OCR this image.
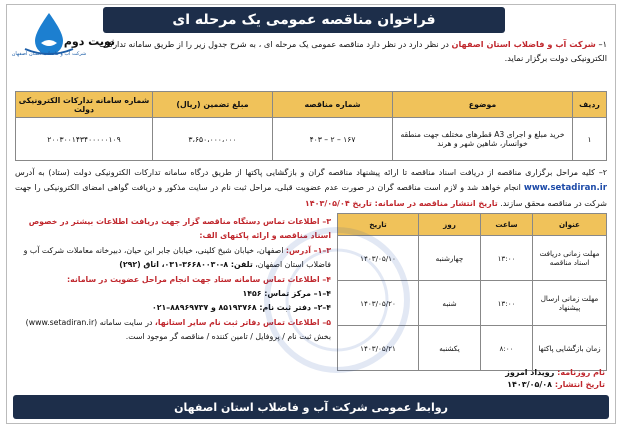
فراخوان مناقصه عمومی یک مرحله ای
شرکت آب و فاضلاب استان اصفهان
نوبت دوم	۱– شرکت آب و فاضلاب استان اصفهان در نظر دارد در نظر دارد مناقصه عمومی یک مرحله ای ، به شرح جدول زیر را از طریق سامانه تدارکات الکترونیکی دولت برگزار نماید.
ردیف	موضوع	شماره مناقصه	مبلغ تضمین (ریال)	شماره سامانه تدارکات الکترونیکی دولت
۱	خرید مبلغ و اجرای A3 قطرهای مختلف جهت منطقه خوانسار، شاهین شهر و هرند	۱۶۷ – ۲ – ۴۰۳	۳،۶۵۰،۰۰۰،۰۰۰	۲۰۰۳۰۰۱۴۳۴۰۰۰۰۰۱۰۹
۲– کلیه مراحل برگزاری مناقصه از دریافت اسناد مناقصه تا ارائه پیشنهاد مناقصه گران و بازگشایی پاکتها از طریق درگاه سامانه تدارکات الکترونیکی دولت (ستاد) به آدرس www.setadiran.ir انجام خواهد شد و لازم است مناقصه گران در صورت عدم عضویت قبلی، مراحل ثبت نام در سایت مذکور و دریافت گواهی امضای الکترونیکی را جهت شرکت در مناقصه محقق سازند. تاریخ انتشار مناقصه در سامانه: تاریخ ۱۴۰۳/۰۵/۰۴
عنوان	ساعت	روز	تاریخ
مهلت زمانی دریافت اسناد مناقصه	۱۳:۰۰	چهارشنبه	۱۴۰۳/۰۵/۱۰
مهلت زمانی ارسال پیشنهاد	۱۳:۰۰	شنبه	۱۴۰۳/۰۵/۲۰
زمان بازگشایی پاکتها	۸:۰۰	یکشنبه	۱۴۰۳/۰۵/۲۱
۳– اطلاعات تماس دستگاه مناقصه گزار جهت دریافت اطلاعات بیشتر در خصوص اسناد مناقصه و ارائه پاکتهای الف:
۳–۱– آدرس: اصفهان، خیابان شیخ کلینی، خیابان جابر ابن حیان، دبیرخانه معاملات شرکت آب و فاضلاب استان اصفهان، تلفن: ۸-۳۶۶۸۰۰۳۰-۰۳۱، اتاق (۲۹۲)
۴– اطلاعات تماس سامانه ستاد جهت انجام مراحل عضویت در سامانه:
۴–۱– مرکز تماس: ۱۴۵۶
۴–۲– دفتر ثبت نام: ۸۵۱۹۳۷۶۸ و ۸۸۹۶۹۷۳۷–۰۲۱
۵– اطلاعات تماس دفاتر ثبت نام سایر استانها، در سایت سامانه (www.setadiran.ir) بخش ثبت نام / پروفایل / تامین کننده / مناقصه گر موجود است.
نام روزنامه: رویداد امروز
تاریخ انتشار: ۱۴۰۳/۰۵/۰۸
روابط عمومی شرکت آب و فاضلاب استان اصفهان
